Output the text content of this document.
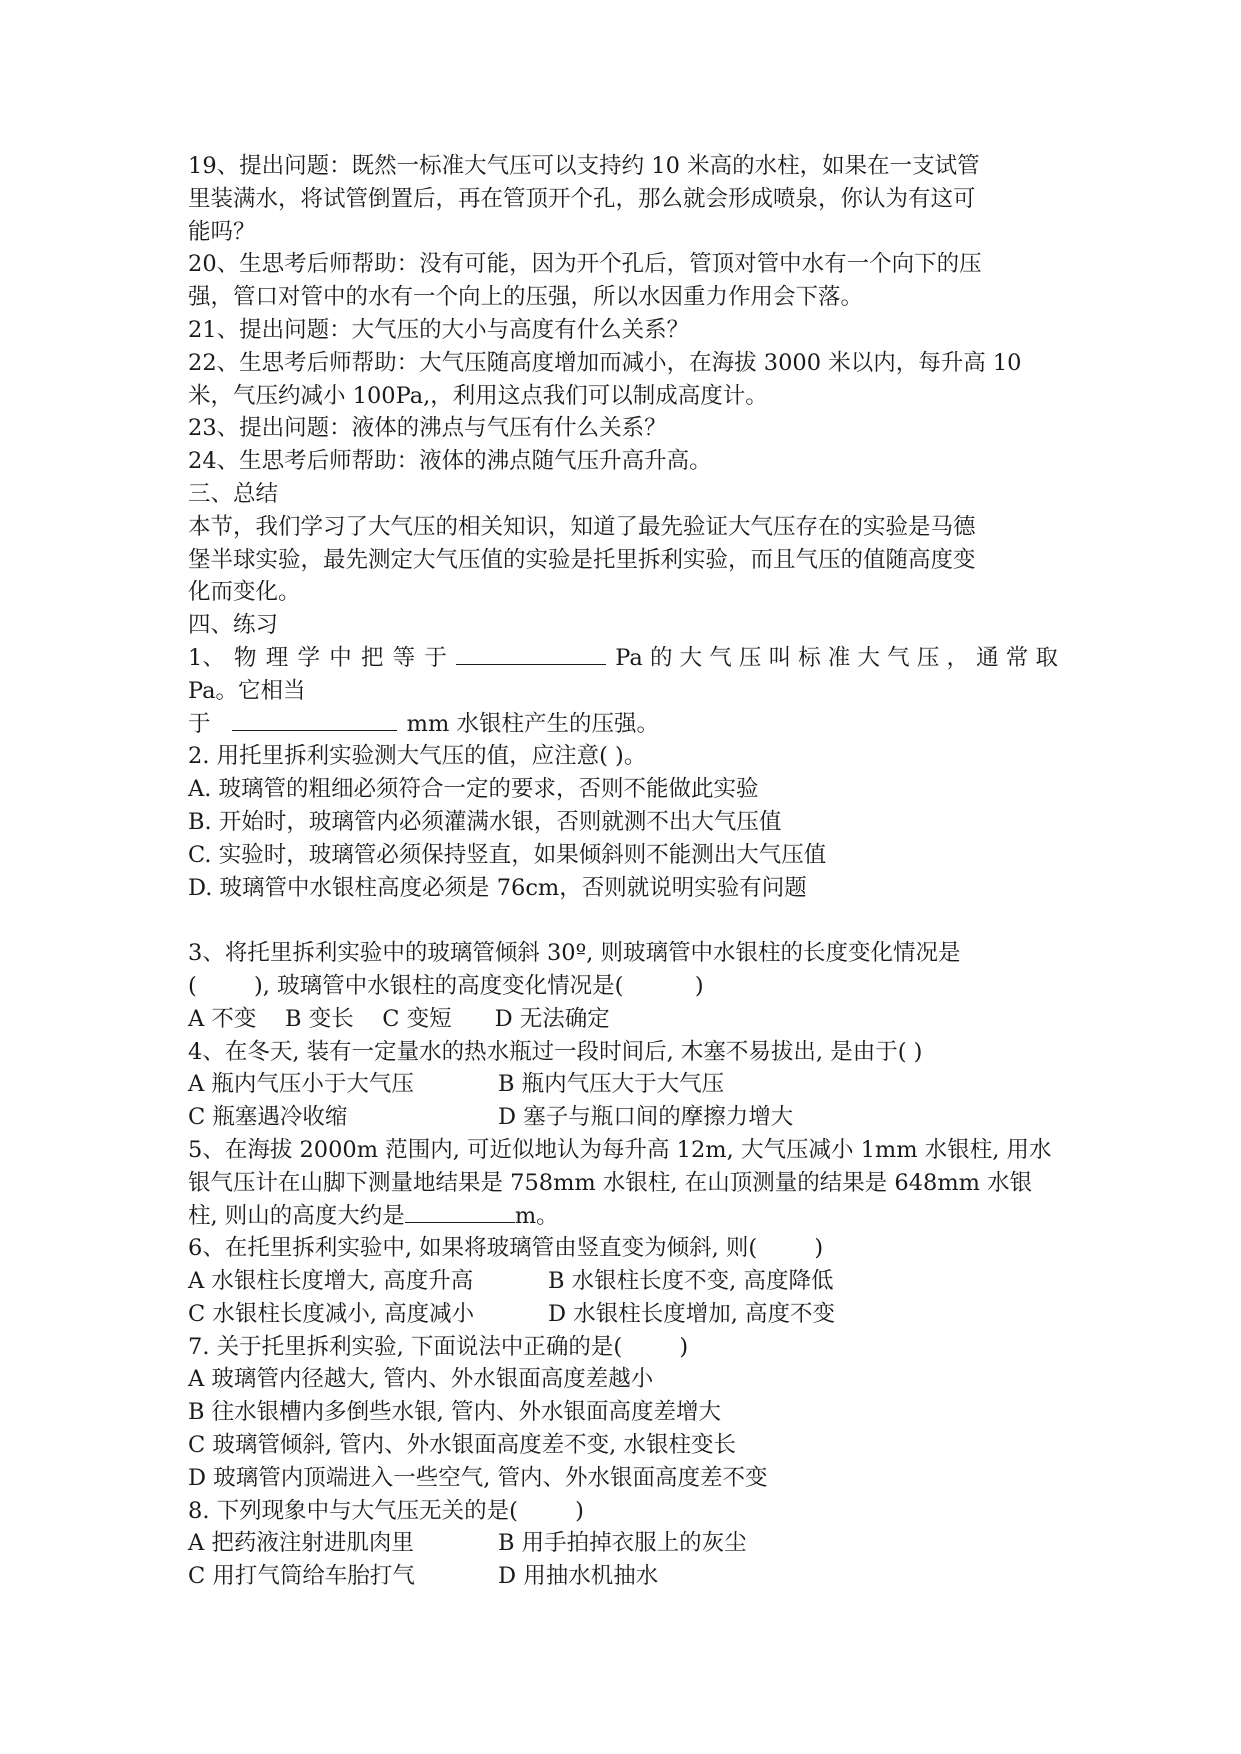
19、提出问题：既然一标准大气压可以支持约 10 米高的水柱，如果在一支试管
里装满水，将试管倒置后，再在管顶开个孔，那么就会形成喷泉，你认为有这可
能吗？
20、生思考后师帮助：没有可能，因为开个孔后，管顶对管中水有一个向下的压
强，管口对管中的水有一个向上的压强，所以水因重力作用会下落。
21、提出问题：大气压的大小与高度有什么关系？
22、生思考后师帮助：大气压随高度增加而减小，在海拔 3000 米以内，每升高 10
米，气压约减小 100Pa,，利用这点我们可以制成高度计。
23、提出问题：液体的沸点与气压有什么关系？
24、生思考后师帮助：液体的沸点随气压升高升高。
三、总结
本节，我们学习了大气压的相关知识，知道了最先验证大气压存在的实验是马德
堡半球实验，最先测定大气压值的实验是托里拆利实验，而且气压的值随高度变
化而变化。
四、练习
1、 物 理 学 中 把 等 于	Pa 的 大 气 压 叫 标 准 大 气 压 ， 通 常 取
Pa。它相当
于	mm 水银柱产生的压强。
2. 用托里拆利实验测大气压的值，应注意( )。
A. 玻璃管的粗细必须符合一定的要求，否则不能做此实验
B. 开始时，玻璃管内必须灌满水银，否则就测不出大气压值
C. 实验时，玻璃管必须保持竖直，如果倾斜则不能测出大气压值
D. 玻璃管中水银柱高度必须是 76cm，否则就说明实验有问题
3、将托里拆利实验中的玻璃管倾斜 30º, 则玻璃管中水银柱的长度变化情况是
(        ), 玻璃管中水银柱的高度变化情况是(          )
A 不变    B 变长    C 变短      D 无法确定
4、在冬天, 装有一定量水的热水瓶过一段时间后, 木塞不易拔出, 是由于( )
A 瓶内气压小于大气压	B 瓶内气压大于大气压
C 瓶塞遇冷收缩	D 塞子与瓶口间的摩擦力增大
5、在海拔 2000m 范围内, 可近似地认为每升高 12m, 大气压减小 1mm 水银柱, 用水
银气压计在山脚下测量地结果是 758mm 水银柱, 在山顶测量的结果是 648mm 水银
柱, 则山的高度大约是	m。
6、在托里拆利实验中, 如果将玻璃管由竖直变为倾斜, 则(        )
A 水银柱长度增大, 高度升高	B 水银柱长度不变, 高度降低
C 水银柱长度减小, 高度减小	D 水银柱长度增加, 高度不变
7. 关于托里拆利实验, 下面说法中正确的是(        )
A 玻璃管内径越大, 管内、外水银面高度差越小
B 往水银槽内多倒些水银, 管内、外水银面高度差增大
C 玻璃管倾斜, 管内、外水银面高度差不变, 水银柱变长
D 玻璃管内顶端进入一些空气, 管内、外水银面高度差不变
8. 下列现象中与大气压无关的是(        )
A 把药液注射进肌肉里	B 用手拍掉衣服上的灰尘
C 用打气筒给车胎打气	D 用抽水机抽水
